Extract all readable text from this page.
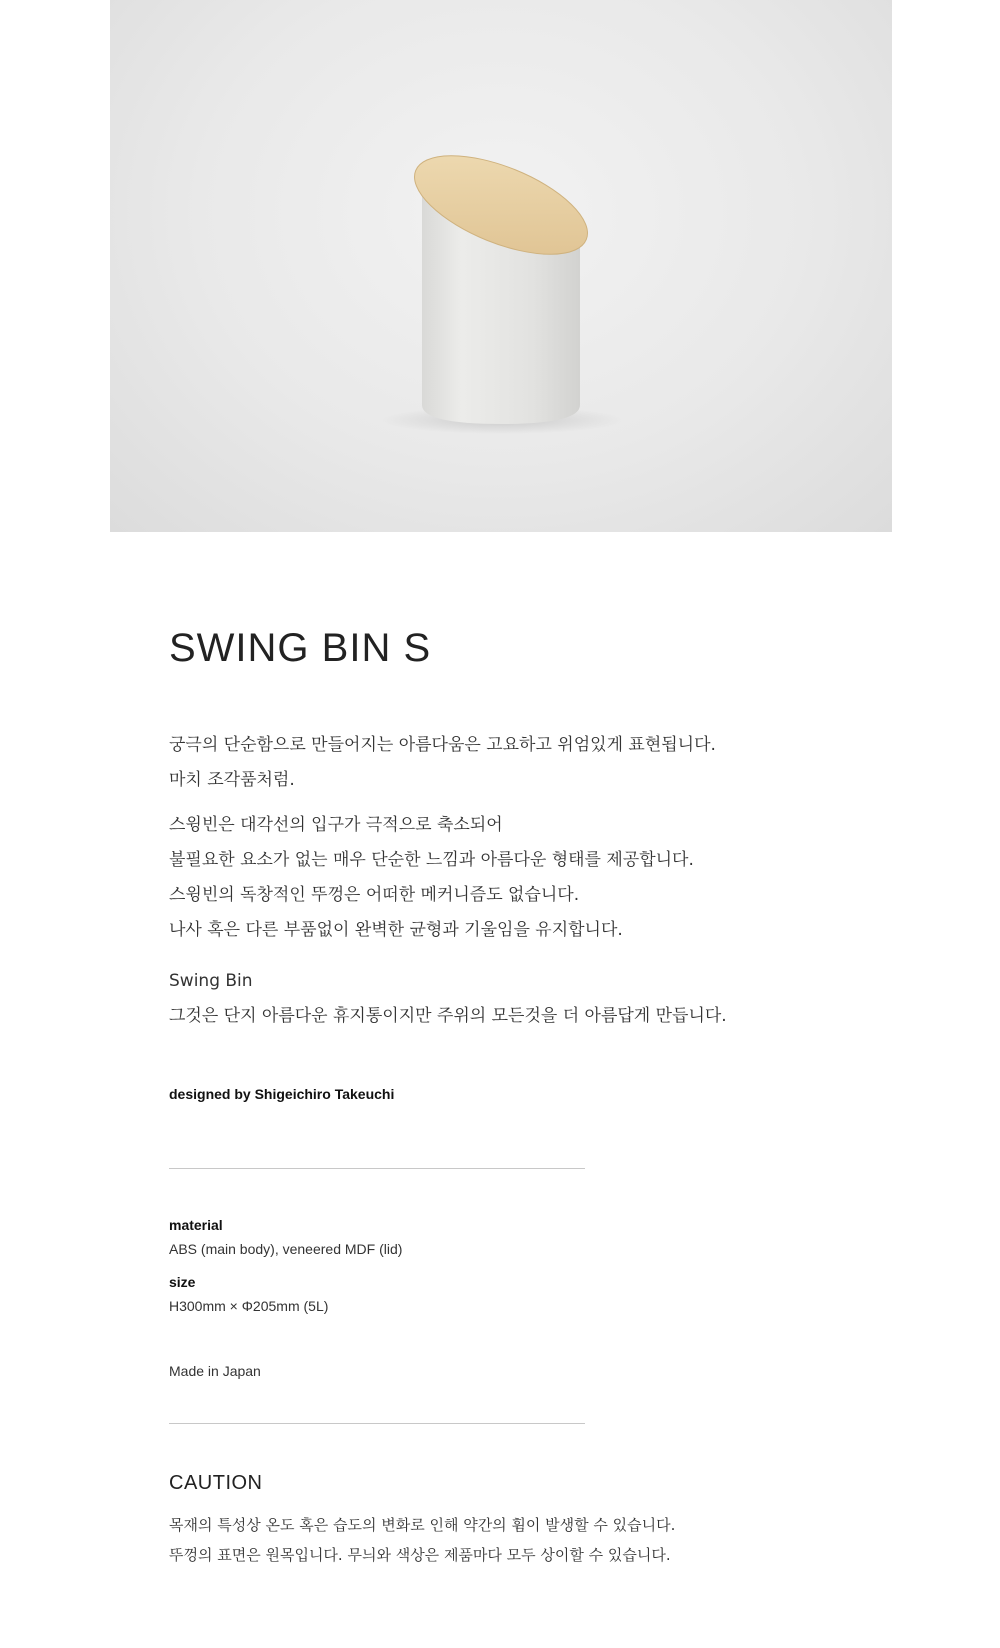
SWING BIN S

궁극의 단순함으로 만들어지는 아름다움은 고요하고 위엄있게 표현됩니다.
마치 조각품처럼.

스윙빈은 대각선의 입구가 극적으로 축소되어
불필요한 요소가 없는 매우 단순한 느낌과 아름다운 형태를 제공합니다.
스윙빈의 독창적인 뚜껑은 어떠한 메커니즘도 없습니다.
나사 혹은 다른 부품없이 완벽한 균형과 기울임을 유지합니다.

Swing Bin
그것은 단지 아름다운 휴지통이지만 주위의 모든것을 더 아름답게 만듭니다.

designed by Shigeichiro Takeuchi
material
ABS (main body), veneered MDF (lid)
size
H300mm × Φ205mm (5L)
Made in Japan
CAUTION
목재의 특성상 온도 혹은 습도의 변화로 인해 약간의 휨이 발생할 수 있습니다.
뚜껑의 표면은 원목입니다. 무늬와 색상은 제품마다 모두 상이할 수 있습니다.
